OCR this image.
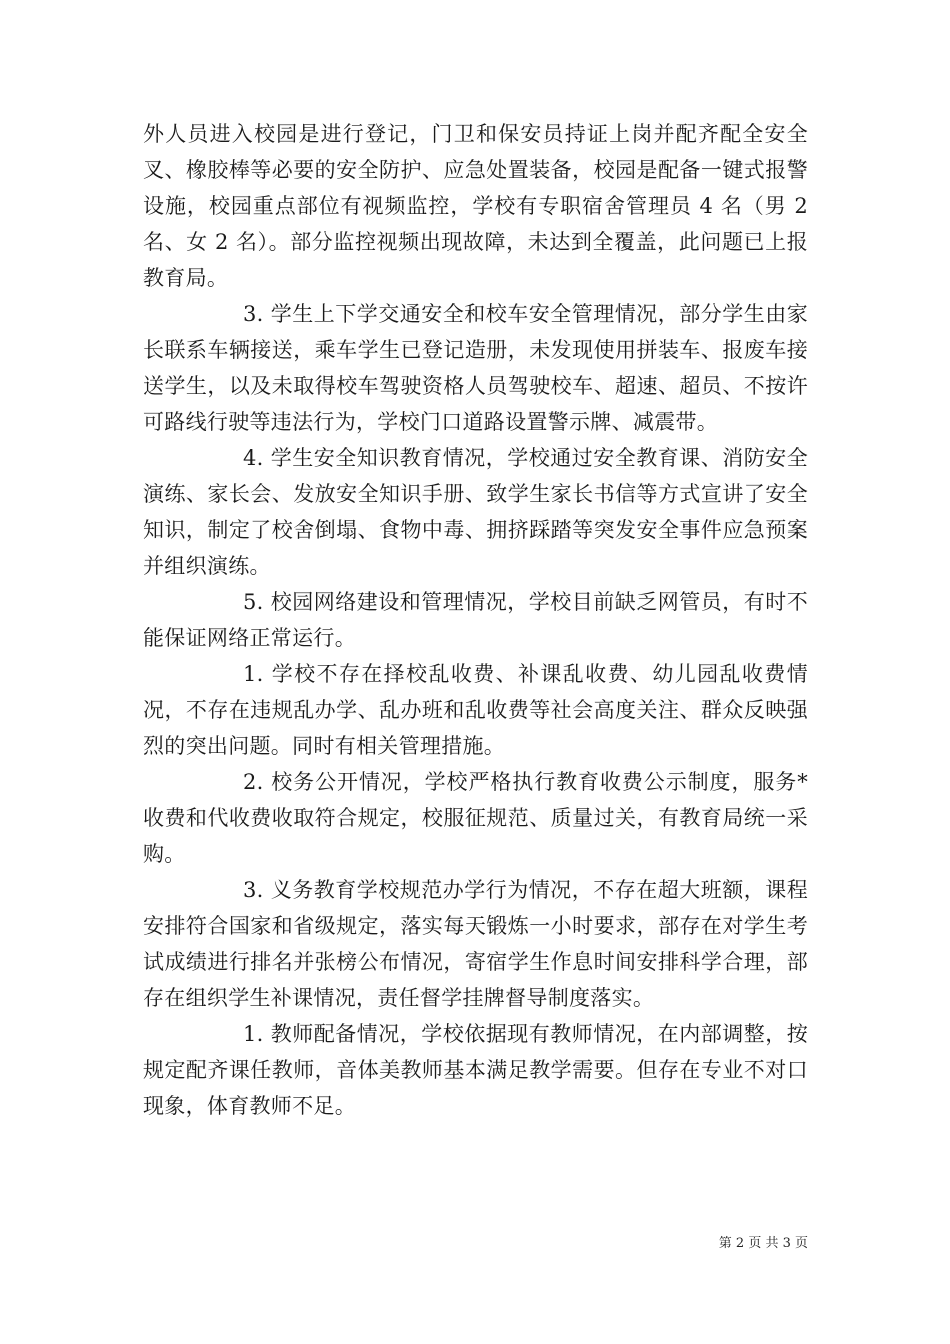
外人员进入校园是进行登记，门卫和保安员持证上岗并配齐配全安全叉、橡胶棒等必要的安全防护、应急处置装备，校园是配备一键式报警设施，校园重点部位有视频监控，学校有专职宿舍管理员 4 名（男 2 名、女 2 名）。部分监控视频出现故障，未达到全覆盖，此问题已上报教育局。

3. 学生上下学交通安全和校车安全管理情况，部分学生由家长联系车辆接送，乘车学生已登记造册，未发现使用拼装车、报废车接送学生，以及未取得校车驾驶资格人员驾驶校车、超速、超员、不按许可路线行驶等违法行为，学校门口道路设置警示牌、减震带。

4. 学生安全知识教育情况，学校通过安全教育课、消防安全演练、家长会、发放安全知识手册、致学生家长书信等方式宣讲了安全知识，制定了校舍倒塌、食物中毒、拥挤踩踏等突发安全事件应急预案并组织演练。

5. 校园网络建设和管理情况，学校目前缺乏网管员，有时不能保证网络正常运行。

1. 学校不存在择校乱收费、补课乱收费、幼儿园乱收费情况，不存在违规乱办学、乱办班和乱收费等社会高度关注、群众反映强烈的突出问题。同时有相关管理措施。

2. 校务公开情况，学校严格执行教育收费公示制度，服务*收费和代收费收取符合规定，校服征规范、质量过关，有教育局统一采购。

3. 义务教育学校规范办学行为情况，不存在超大班额，课程安排符合国家和省级规定，落实每天锻炼一小时要求，部存在对学生考试成绩进行排名并张榜公布情况，寄宿学生作息时间安排科学合理，部存在组织学生补课情况，责任督学挂牌督导制度落实。

1. 教师配备情况，学校依据现有教师情况，在内部调整，按规定配齐课任教师，音体美教师基本满足教学需要。但存在专业不对口现象，体育教师不足。

第 2 页 共 3 页
